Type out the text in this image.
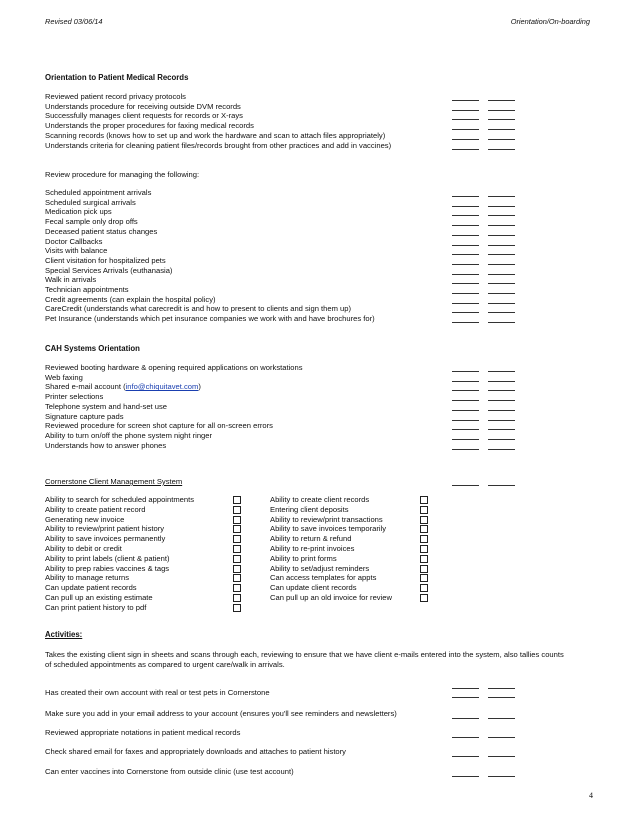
Revised 03/06/14	Orientation/On-boarding
Orientation to Patient Medical Records
Reviewed patient record privacy protocols
Understands procedure for receiving outside DVM records
Successfully manages client requests for records or X-rays
Understands the proper procedures for faxing medical records
Scanning records (knows how to set up and work the hardware and scan to attach files appropriately)
Understands criteria for cleaning patient files/records brought from other practices and add in vaccines)
Review procedure for managing the following:
Scheduled appointment arrivals
Scheduled surgical arrivals
Medication pick ups
Fecal sample only drop offs
Deceased patient status changes
Doctor Callbacks
Visits with balance
Client visitation for hospitalized pets
Special Services Arrivals (euthanasia)
Walk in arrivals
Technician appointments
Credit agreements (can explain the hospital policy)
CareCredit (understands what carecredit is and how to present to clients and sign them up)
Pet Insurance (understands which pet insurance companies we work with and have brochures for)
CAH Systems Orientation
Reviewed booting hardware & opening required applications on workstations
Web faxing
Shared e-mail account (info@chiquitavet.com)
Printer selections
Telephone system and hand-set use
Signature capture pads
Reviewed procedure for screen shot capture for all on-screen errors
Ability to turn on/off the phone system night ringer
Understands how to answer phones
Cornerstone Client Management System
Ability to search for scheduled appointments
Ability to create patient record
Generating new invoice
Ability to review/print patient history
Ability to save invoices permanently
Ability to debit or credit
Ability to print labels (client & patient)
Ability to prep rabies vaccines & tags
Ability to manage returns
Can update patient records
Can pull up an existing estimate
Can print patient history to pdf
Ability to create client records
Entering client deposits
Ability to review/print transactions
Ability to save invoices temporarily
Ability to return & refund
Ability to re-print invoices
Ability to print forms
Ability to set/adjust reminders
Can access templates for appts
Can update client records
Can pull up an old invoice for review
Activities:
Takes the existing client sign in sheets and scans through each, reviewing to ensure that we have client e-mails entered into the system, also tallies counts of scheduled appointments as compared to urgent care/walk in arrivals.
Has created their own account with real or test pets in Cornerstone
Make sure you add in your email address to your account (ensures you'll see reminders and newsletters)
Reviewed appropriate notations in patient medical records
Check shared email for faxes and appropriately downloads and attaches to patient history
Can enter vaccines into Cornerstone from outside clinic (use test account)
4
